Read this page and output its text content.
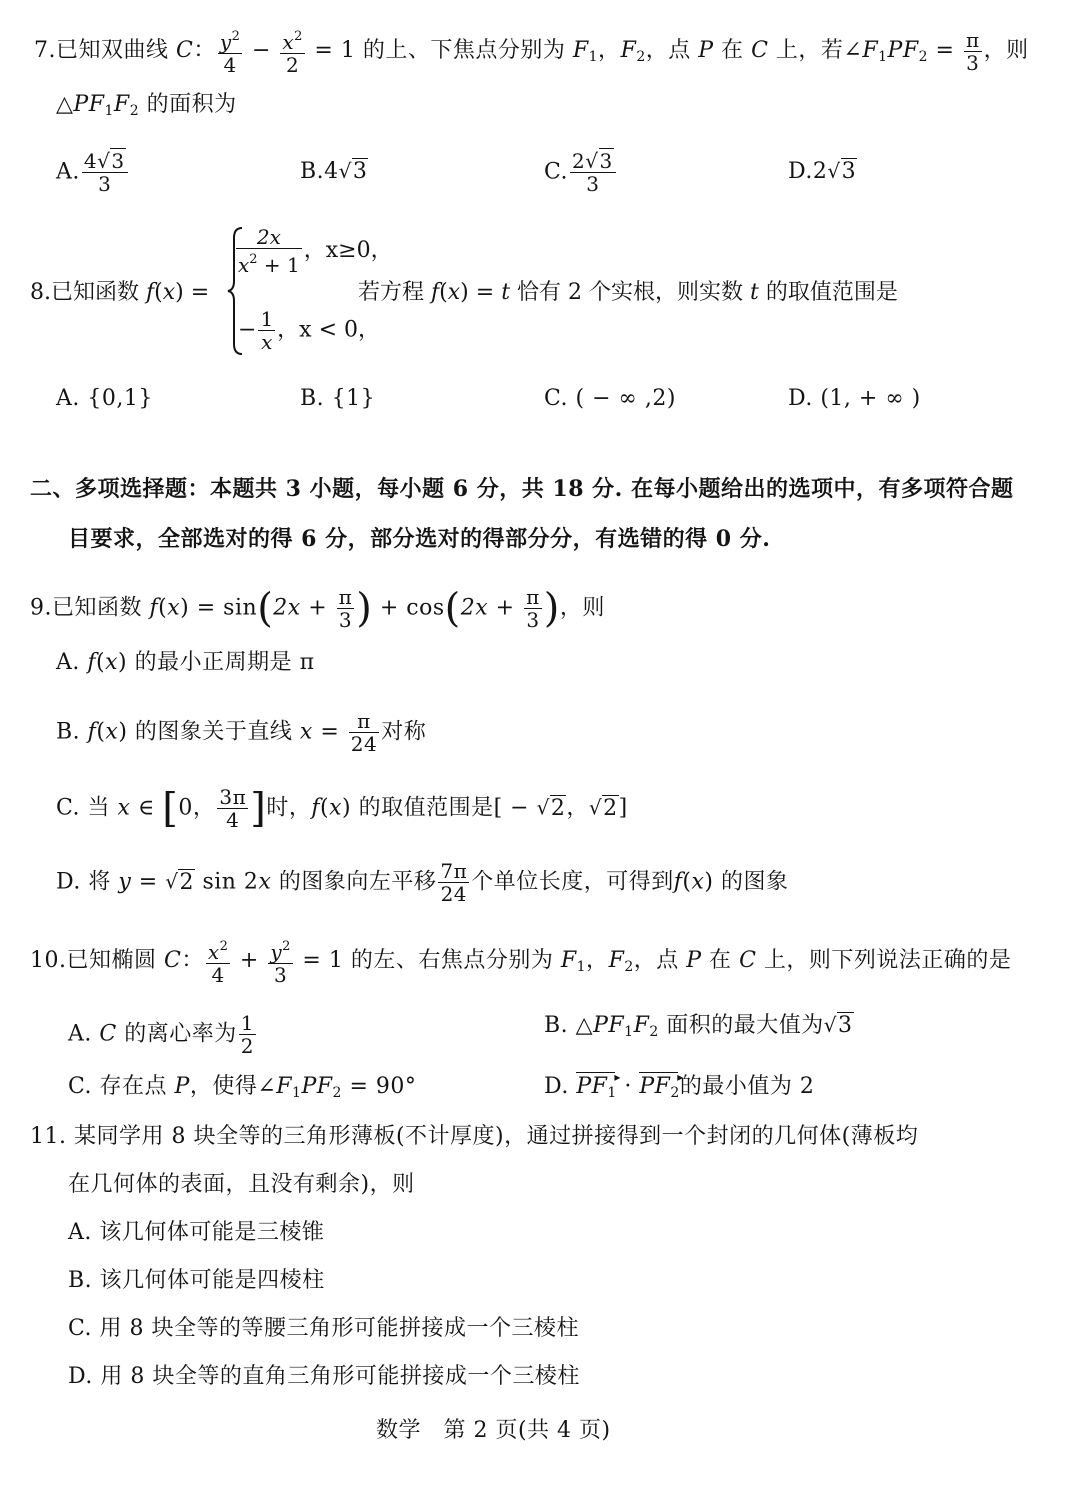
7.已知双曲线 C： $\frac{y^2}{4} - \frac{x^2}{2} = 1$ 的上、下焦点分别为 $F_1$，$F_2$，点 P 在 C 上，若$\angle F_1PF_2 = \frac{\pi}{3}$ ，则
$\triangle PF_1F_2$ 的面积为
A. $\frac{4√3}{3}$	B.4√3	C. $\frac{2√3}{3}$	D.2√3
8.已知函数 f(x) =
$\frac{2x}{x^2 + 1}$ ，x≥0，
− $\frac{1}{x}$ ，x < 0，
若方程 f(x) = t 恰有 2 个实根，则实数 t 的取值范围是
A. {0,1}	B. {1}	C. ( − ∞ ,2)	D. (1, + ∞ )
二、多项选择题：本题共 3 小题，每小题 6 分，共 18 分. 在每小题给出的选项中，有多项符合题
目要求，全部选对的得 6 分，部分选对的得部分分，有选错的得 0 分.
9.已知函数 $f(x) = \sin(2x + \frac{\pi}{3}$ ) + $\cos(2x + \frac{\pi}{3}$ )，则
A. f(x) 的最小正周期是 π
B. f(x) 的图象关于直线 $x = \frac{\pi}{24}$ 对称
C. 当 x ∈ [0， $\frac{3\pi}{4}$ ]时，f(x) 的取值范围是[ − √2，√2]
D. 将 y = √2 sin 2x 的图象向左平移 $\frac{7\pi}{24}$ 个单位长度，可得到f(x) 的图象
10.已知椭圆 C： $\frac{x^2}{4} + \frac{y^2}{3} = 1$ 的左、右焦点分别为 $F_1$，$F_2$，点 P 在 C 上，则下列说法正确的是
A. C 的离心率为 $\frac{1}{2}$	B. $\triangle PF_1F_2$ 面积的最大值为√3
C. 存在点 P，使得$\angle F_1PF_2 = 90^\circ$	D. $PF_1$ ▸ · $PF_2$ ▸的最小值为 2
11. 某同学用 8 块全等的三角形薄板(不计厚度)，通过拼接得到一个封闭的几何体(薄板均
在几何体的表面，且没有剩余)，则
A. 该几何体可能是三棱锥
B. 该几何体可能是四棱柱
C. 用 8 块全等的等腰三角形可能拼接成一个三棱柱
D. 用 8 块全等的直角三角形可能拼接成一个三棱柱
数学　第 2 页(共 4 页)
